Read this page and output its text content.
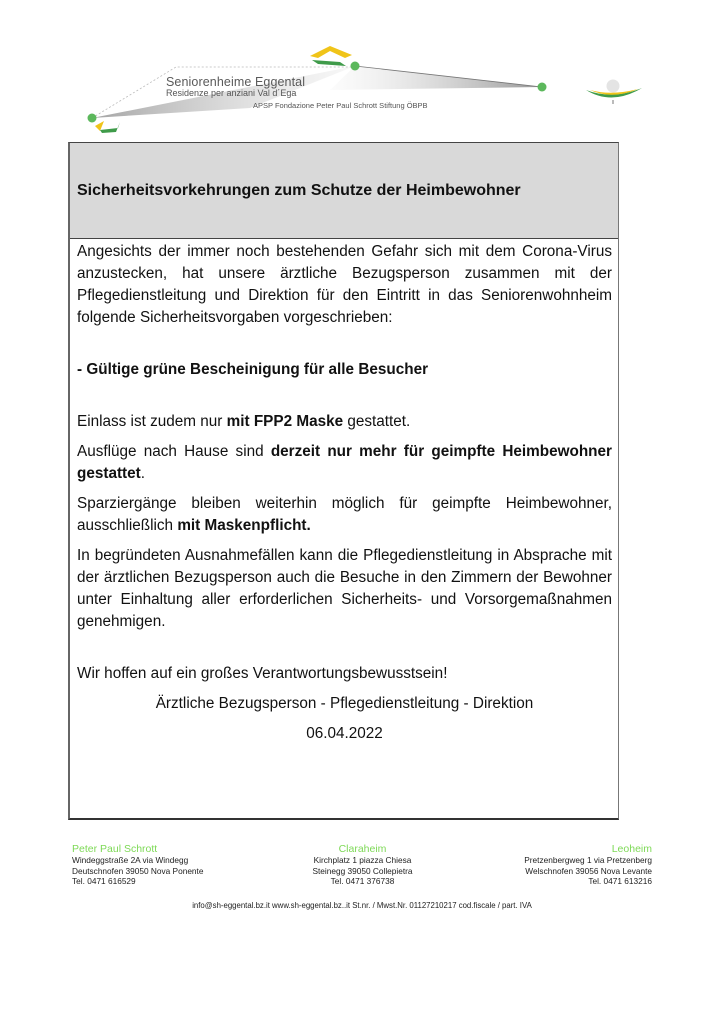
Seniorenheime Eggental
Residenze per anziani Val d´Ega
APSP Fondazione Peter Paul Schrott Stiftung ÖBPB
Sicherheitsvorkehrungen zum Schutze der Heimbewohner

Angesichts der immer noch bestehenden Gefahr sich mit dem Corona-Virus anzustecken, hat unsere ärztliche Bezugsperson zusammen mit der Pflegedienstleitung und Direktion für den Eintritt in das Seniorenwohnheim folgende Sicherheitsvorgaben vorgeschrieben:

- Gültige grüne Bescheinigung für alle Besucher

Einlass ist zudem nur mit FPP2 Maske gestattet.

Ausflüge nach Hause sind derzeit nur mehr für geimpfte Heimbewohner gestattet.

Sparziergänge bleiben weiterhin möglich für geimpfte Heimbewohner, ausschließlich mit Maskenpflicht.

In begründeten Ausnahmefällen kann die Pflegedienstleitung in Absprache mit der ärztlichen Bezugsperson auch die Besuche in den Zimmern der Bewohner unter Einhaltung aller erforderlichen Sicherheits- und Vorsorgemaßnahmen genehmigen.

Wir hoffen auf ein großes Verantwortungsbewusstsein!

Ärztliche Bezugsperson - Pflegedienstleitung - Direktion

06.04.2022

Peter Paul Schrott
Windeggstraße 2A via Windegg
Deutschnofen 39050 Nova Ponente
Tel. 0471 616529
Claraheim
Kirchplatz 1 piazza Chiesa
Steinegg 39050 Collepietra
Tel. 0471 376738
Leoheim
Pretzenbergweg 1 via Pretzenberg
Welschnofen 39056 Nova Levante
Tel. 0471 613216
info@sh-eggental.bz.it www.sh-eggental.bz..it St.nr. / Mwst.Nr. 01127210217 cod.fiscale / part. IVA
